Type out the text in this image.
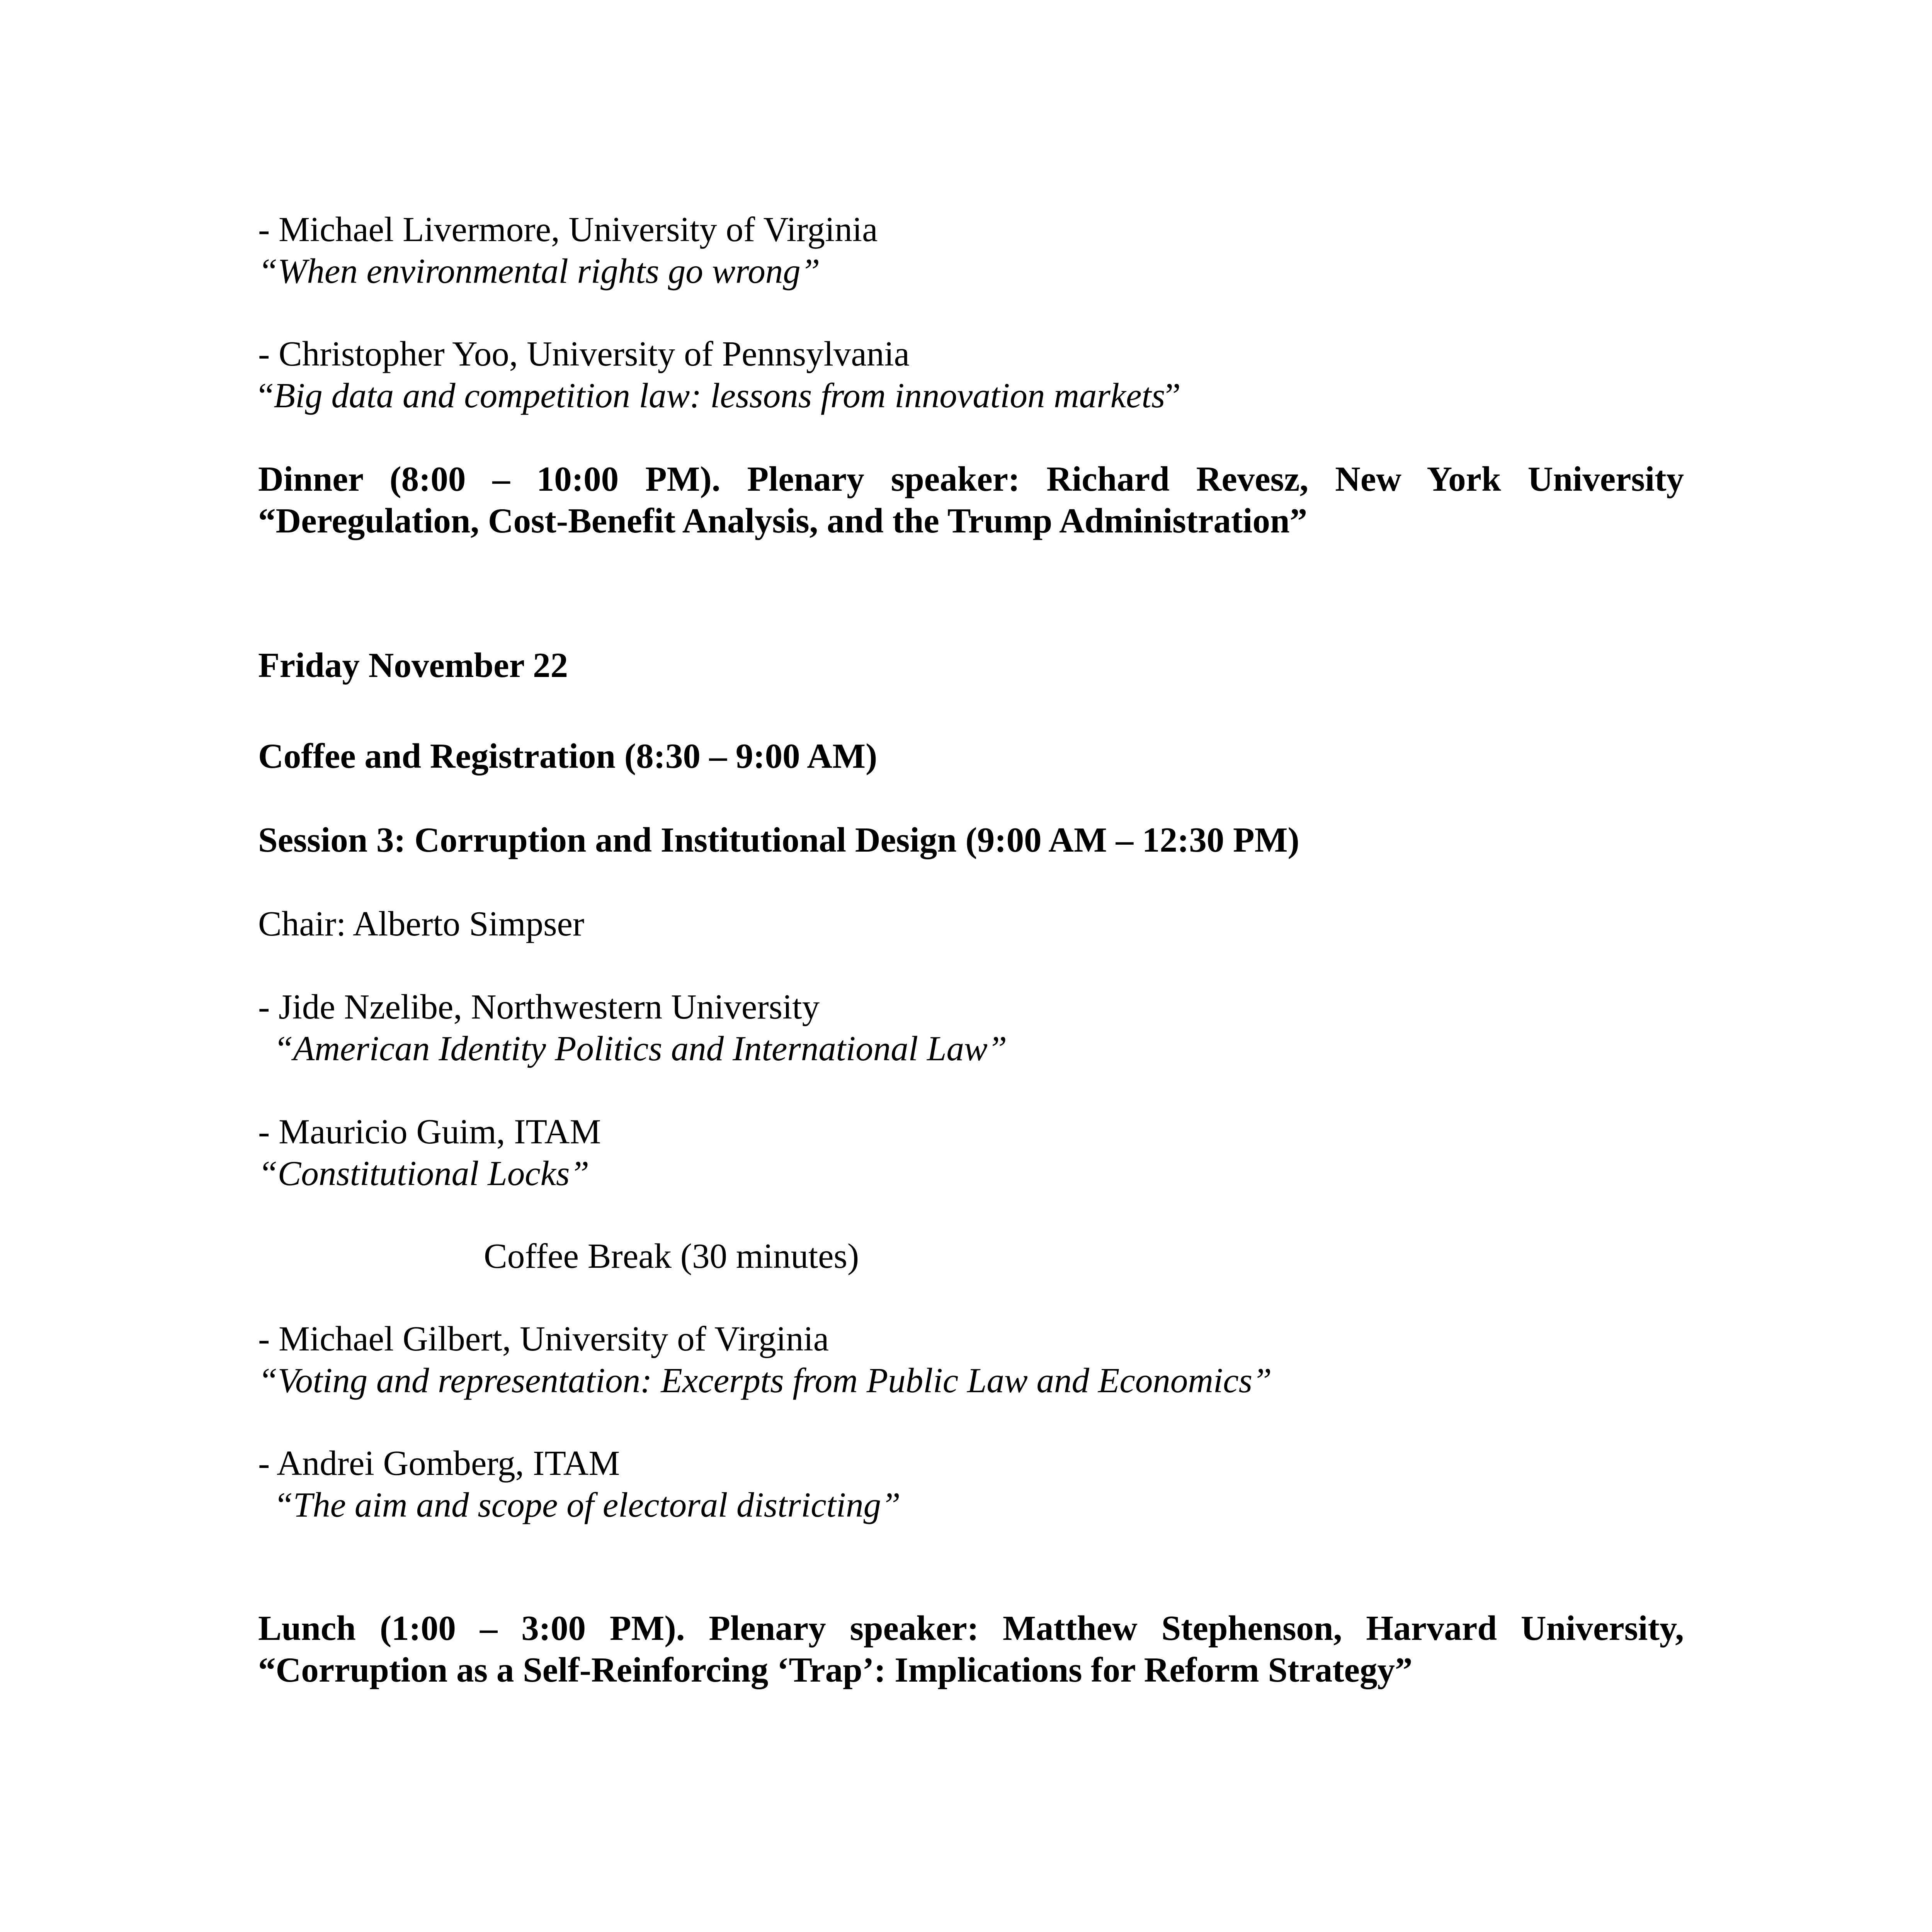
- Michael Livermore, University of Virginia

“When environmental rights go wrong”

- Christopher Yoo, University of Pennsylvania

“Big data and competition law: lessons from innovation markets”

Dinner (8:00 – 10:00 PM). Plenary speaker: Richard Revesz, New York University

“Deregulation, Cost-Benefit Analysis, and the Trump Administration”

Friday November 22

Coffee and Registration (8:30 – 9:00 AM)

Session 3: Corruption and Institutional Design (9:00 AM – 12:30 PM)

Chair: Alberto Simpser

- Jide Nzelibe, Northwestern University

“American Identity Politics and International Law”

- Mauricio Guim, ITAM

“Constitutional Locks”

Coffee Break (30 minutes)

- Michael Gilbert, University of Virginia

“Voting and representation: Excerpts from Public Law and Economics”

- Andrei Gomberg, ITAM

“The aim and scope of electoral districting”

Lunch (1:00 – 3:00 PM). Plenary speaker: Matthew Stephenson, Harvard University,

“Corruption as a Self-Reinforcing ‘Trap’: Implications for Reform Strategy”
